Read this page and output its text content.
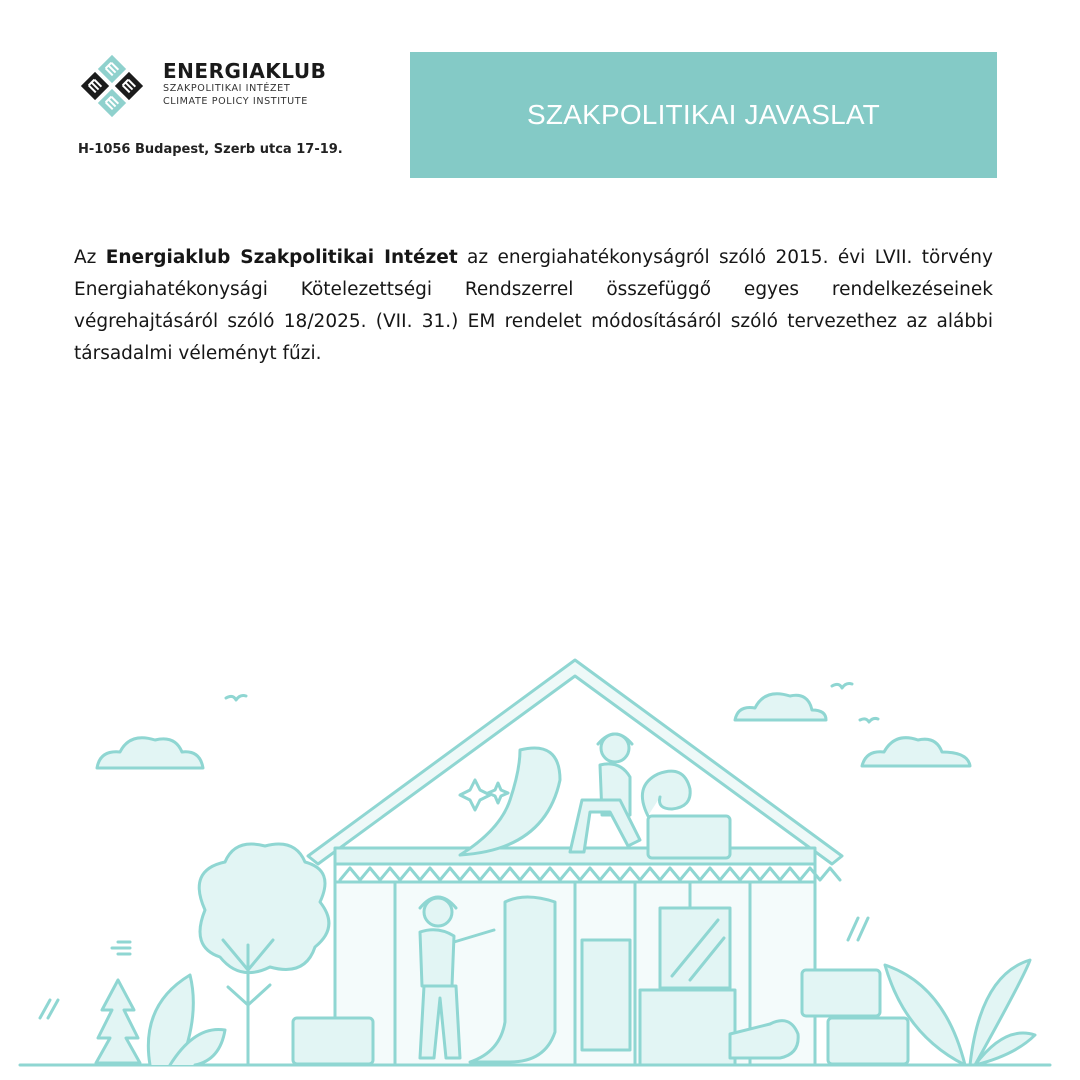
ENERGIAKLUB
SZAKPOLITIKAI INTÉZET
CLIMATE POLICY INSTITUTE
H-1056 Budapest, Szerb utca 17-19.
SZAKPOLITIKAI JAVASLAT

Az Energiaklub Szakpolitikai Intézet az energiahatékonyságról szóló 2015. évi LVII. törvény Energiahatékonysági Kötelezettségi Rendszerrel összefüggő egyes rendelkezéseinek végrehajtásáról szóló 18/2025. (VII. 31.) EM rendelet módosításáról szóló tervezethez az alábbi társadalmi véleményt fűzi.
